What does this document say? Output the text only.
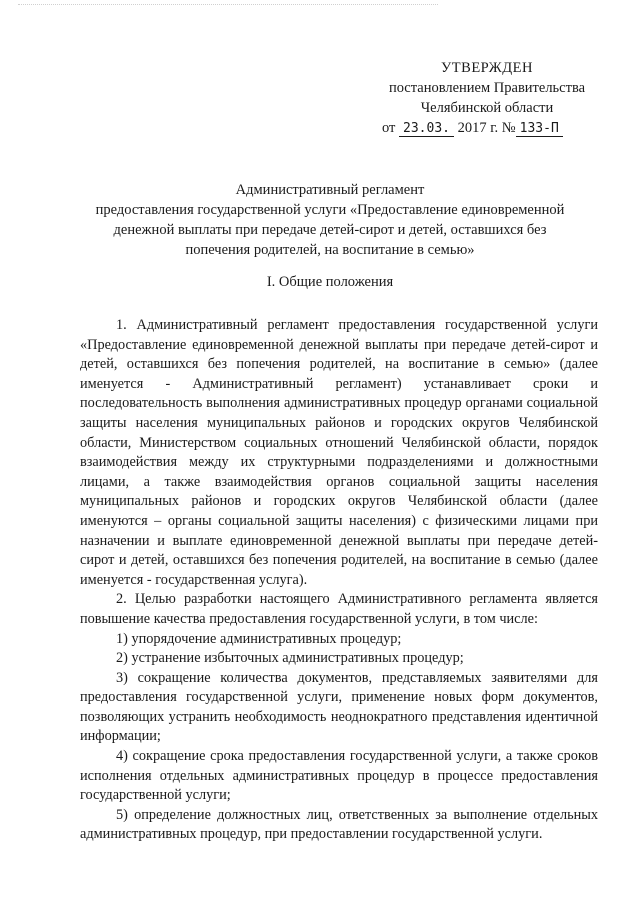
УТВЕРЖДЕН
постановлением Правительства
Челябинской области
от 23.03. 2017 г. № 133-П
Административный регламент
предоставления государственной услуги «Предоставление единовременной
денежной выплаты при передаче детей-сирот и детей, оставшихся без
попечения родителей, на воспитание в семью»
I. Общие положения

1. Административный регламент предоставления государственной услуги «Предоставление единовременной денежной выплаты при передаче детей-сирот и детей, оставшихся без попечения родителей, на воспитание в семью» (далее именуется - Административный регламент) устанавливает сроки и последовательность выполнения административных процедур органами социальной защиты населения муниципальных районов и городских округов Челябинской области, Министерством социальных отношений Челябинской области, порядок взаимодействия между их структурными подразделениями и должностными лицами, а также взаимодействия органов социальной защиты населения муниципальных районов и городских округов Челябинской области (далее именуются – органы социальной защиты населения) с физическими лицами при назначении и выплате единовременной денежной выплаты при передаче детей-сирот и детей, оставшихся без попечения родителей, на воспитание в семью (далее именуется - государственная услуга).

2. Целью разработки настоящего Административного регламента является повышение качества предоставления государственной услуги, в том числе:

1) упорядочение административных процедур;

2) устранение избыточных административных процедур;

3) сокращение количества документов, представляемых заявителями для предоставления государственной услуги, применение новых форм документов, позволяющих устранить необходимость неоднократного представления идентичной информации;

4) сокращение срока предоставления государственной услуги, а также сроков исполнения отдельных административных процедур в процессе предоставления государственной услуги;

5) определение должностных лиц, ответственных за выполнение отдельных административных процедур, при предоставлении государственной услуги.
